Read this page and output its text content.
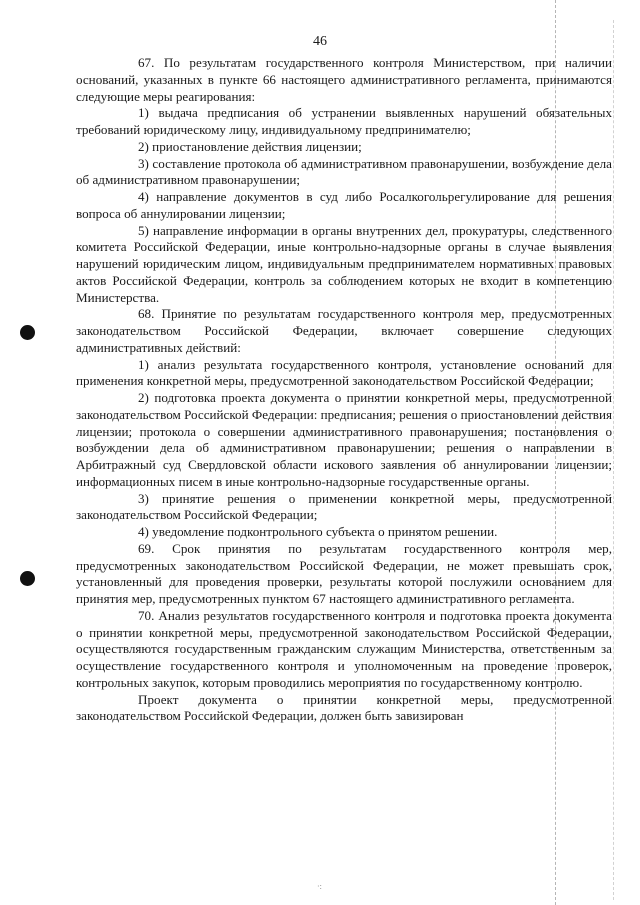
46

67. По результатам государственного контроля Министерством, при наличии оснований, указанных в пункте 66 настоящего административного регламента, принимаются следующие меры реагирования:

1) выдача предписания об устранении выявленных нарушений обязательных требований юридическому лицу, индивидуальному предпринимателю;

2) приостановление действия лицензии;

3) составление протокола об административном правонарушении, возбуждение дела об административном правонарушении;

4) направление документов в суд либо Росалкогольрегулирование для решения вопроса об аннулировании лицензии;

5) направление информации в органы внутренних дел, прокуратуры, следственного комитета Российской Федерации, иные контрольно-надзорные органы в случае выявления нарушений юридическим лицом, индивидуальным предпринимателем нормативных правовых актов Российской Федерации, контроль за соблюдением которых не входит в компетенцию Министерства.

68. Принятие по результатам государственного контроля мер, предусмотренных законодательством Российской Федерации, включает совершение следующих административных действий:

1) анализ результата государственного контроля, установление оснований для применения конкретной меры, предусмотренной законодательством Российской Федерации;

2) подготовка проекта документа о принятии конкретной меры, предусмотренной законодательством Российской Федерации: предписания; решения о приостановлении действия лицензии; протокола о совершении административного правонарушения; постановления о возбуждении дела об административном правонарушении; решения о направлении в Арбитражный суд Свердловской области искового заявления об аннулировании лицензии; информационных писем в иные контрольно-надзорные государственные органы.

3) принятие решения о применении конкретной меры, предусмотренной законодательством Российской Федерации;

4) уведомление подконтрольного субъекта о принятом решении.

69. Срок принятия по результатам государственного контроля мер, предусмотренных законодательством Российской Федерации, не может превышать срок, установленный для проведения проверки, результаты которой послужили основанием для принятия мер, предусмотренных пунктом 67 настоящего административного регламента.

70. Анализ результатов государственного контроля и подготовка проекта документа о принятии конкретной меры, предусмотренной законодательством Российской Федерации, осуществляются государственным гражданским служащим Министерства, ответственным за осуществление государственного контроля и уполномоченным на проведение проверок, контрольных закупок, которым проводились мероприятия по государственному контролю.

Проект документа о принятии конкретной меры, предусмотренной законодательством Российской Федерации, должен быть завизирован

·:
